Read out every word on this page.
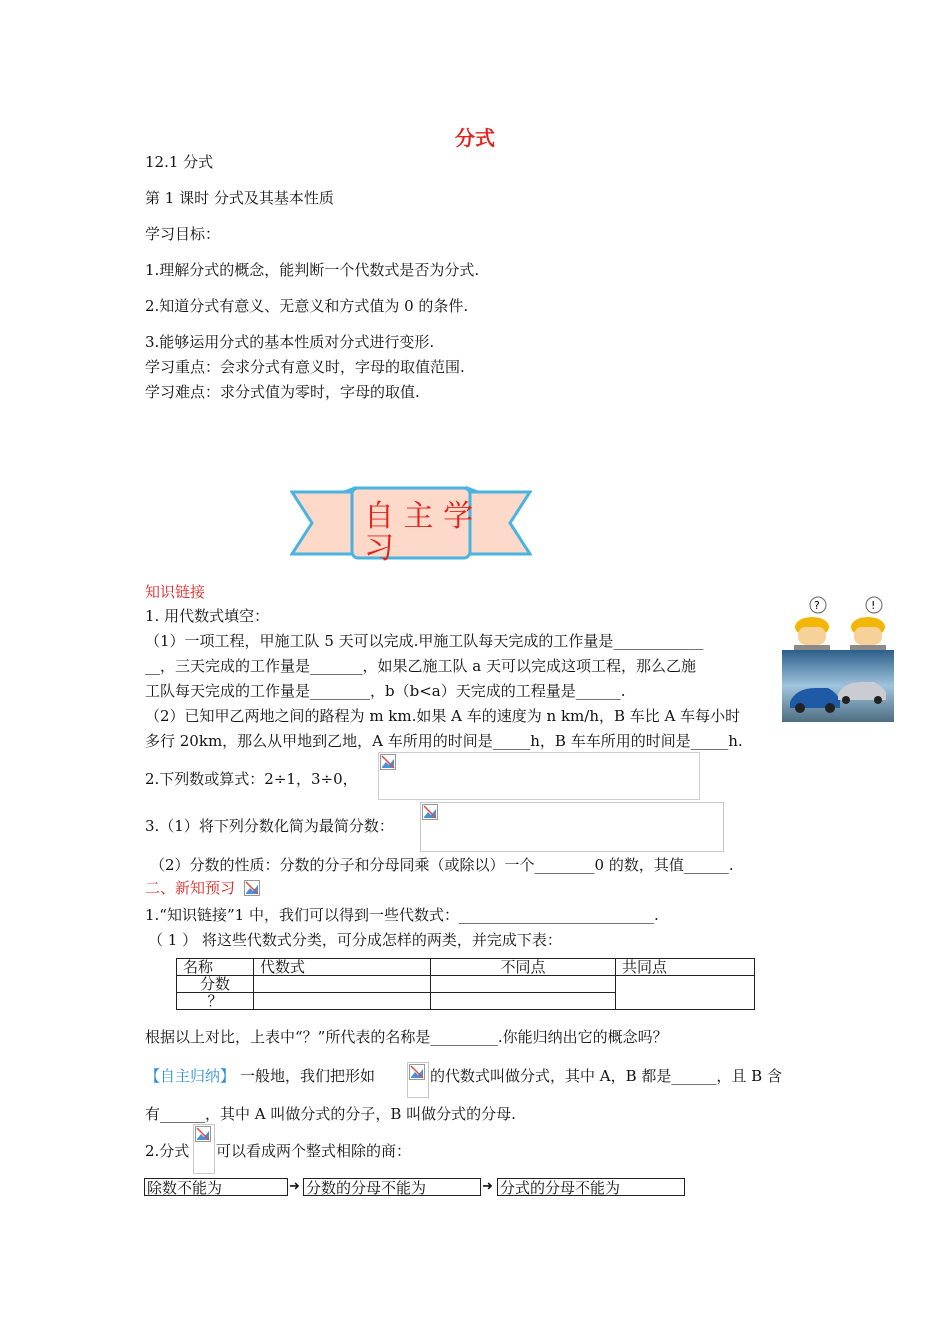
分式
12.1 分式
第 1 课时 分式及其基本性质
学习目标：
1.理解分式的概念，能判断一个代数式是否为分式.
2.知道分式有意义、无意义和方式值为 0 的条件.
3.能够运用分式的基本性质对分式进行变形.
学习重点：会求分式有意义时，字母的取值范围.
学习难点：求分式值为零时，字母的取值.
自 主 学
习
知识链接
1. 用代数式填空：
（1）一项工程，甲施工队 5 天可以完成.甲施工队每天完成的工作量是____________
__，三天完成的工作量是_______，如果乙施工队 a 天可以完成这项工程，那么乙施
工队每天完成的工作量是________，b（b<a）天完成的工程量是______.
（2）已知甲乙两地之间的路程为 m km.如果 A 车的速度为 n km/h，B 车比 A 车每小时
多行 20km，那么从甲地到乙地，A 车所用的时间是_____h，B 车车所用的时间是_____h.
?	!
2.下列数或算式：2÷1，3÷0，
3.（1）将下列分数化简为最简分数：
（2）分数的性质：分数的分子和分母同乘（或除以）一个________0 的数，其值______.
二、新知预习
1.“知识链接”1 中，我们可以得到一些代数式：__________________________.
（ 1 ） 将这些代数式分类，可分成怎样的两类，并完成下表：
名称	代数式	不同点	共同点
分数			
？			
根据以上对比，上表中“？”所代表的名称是_________.你能归纳出它的概念吗？
【自主归纳】 一般地，我们把形如	的代数式叫做分式，其中 A，B 都是______，且 B 含
有______，其中 A 叫做分式的分子，B 叫做分式的分母.
2.分式 可以看成两个整式相除的商：
除数不能为	➜ 分数的分母不能为	➜ 分式的分母不能为
